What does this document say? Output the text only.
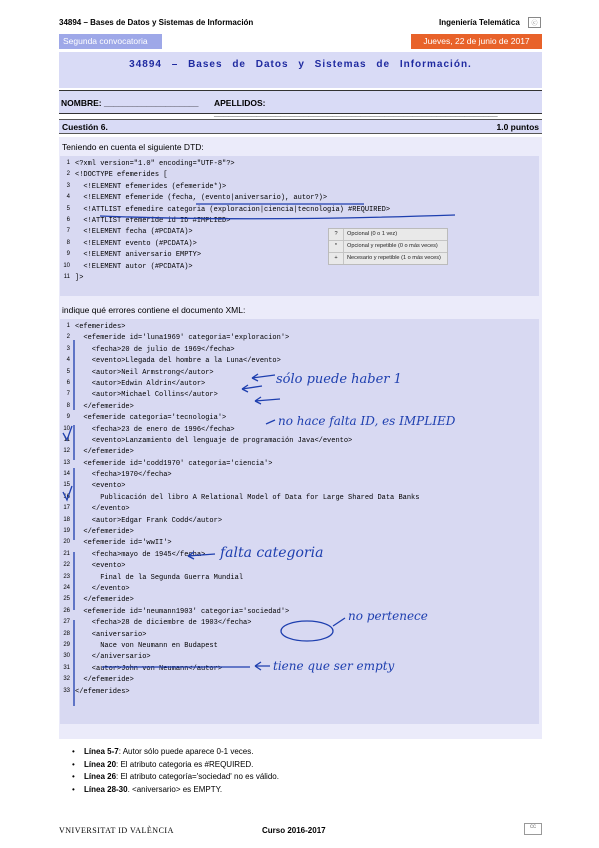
34894 – Bases de Datos y Sistemas de Información	Ingeniería Telemática	ⓒ
Segunda convocatoria	Jueves, 22 de junio de 2017
34894 – Bases de Datos y Sistemas de Información.
NOMBRE: ____________________ APELLIDOS: ____________________________________________________________
Cuestión 6.	1.0 puntos
Teniendo en cuenta el siguiente DTD:
1 <?xml version="1.0" encoding="UTF-8"?>
2 <!DOCTYPE efemerides [
3 <!ELEMENT efemerides (efemeride*)>
4 <!ELEMENT efemeride (fecha, (evento|aniversario), autor?)>
5 <!ATTLIST efemedire categoria (exploracion|ciencia|tecnologia) #REQUIRED>
6 <!ATTLIST efemeride id ID #IMPLIED>
7 <!ELEMENT fecha (#PCDATA)>
8 <!ELEMENT evento (#PCDATA)>
9 <!ELEMENT aniversario EMPTY>
10 <!ELEMENT autor (#PCDATA)>
11 ]>
?	Opcional (0 o 1 vez)
*	Opcional y repetible (0 o más veces)
+	Necesario y repetible (1 o más veces)
indique qué errores contiene el documento XML:
1 <efemerides>
2 <efemeride id='luna1969' categoria='exploracion'>
3 <fecha>20 de julio de 1969</fecha>
4 <evento>Llegada del hombre a la Luna</evento>
5 <autor>Neil Armstrong</autor>
6 <autor>Edwin Aldrin</autor>
7 <autor>Michael Collins</autor>
8 </efemeride>
9 <efemeride categoria='tecnologia'>
10 <fecha>23 de enero de 1996</fecha>
11 <evento>Lanzamiento del lenguaje de programación Java</evento>
12 </efemeride>
13 <efemeride id='codd1970' categoria='ciencia'>
14 <fecha>1970</fecha>
15 <evento>
16 Publicación del libro A Relational Model of Data for Large Shared Data Banks
17 </evento>
18 <autor>Edgar Frank Codd</autor>
19 </efemeride>
20 <efemeride id='wwII'>
21 <fecha>mayo de 1945</fecha>
22 <evento>
23 Final de la Segunda Guerra Mundial
24 </evento>
25 </efemeride>
26 <efemeride id='neumann1903' categoria='sociedad'>
27 <fecha>28 de diciembre de 1903</fecha>
28 <aniversario>
29 Nace von Neumann en Budapest
30 </aniversario>
31 <autor>John von Neumann</autor>
32 </efemeride>
33 </efemerides>
sólo puede haber 1
no hace falta ID, es IMPLIED
falta categoria
no pertenece
tiene que ser empty
• Línea 5-7: Autor sólo puede aparece 0-1 veces.
• Línea 20: El atributo categoria es #REQUIRED.
• Línea 26: El atributo categoría='sociedad' no es válido.
• Línea 28-30. <aniversario> es EMPTY.
VNIVERSITAT ID VALÈNCIA	Curso 2016-2017	cc
